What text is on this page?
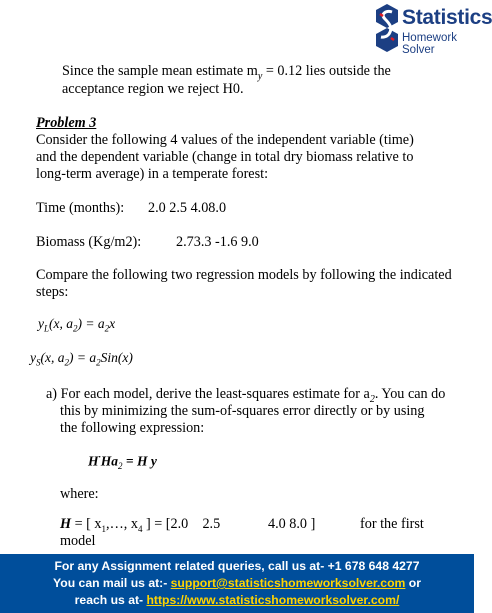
Statistics
Homework Solver
Since the sample mean estimate $m_y = 0.12$ lies outside the
acceptance region we reject H0.
Problem 3
Consider the following 4 values of the independent variable (time)
and the dependent variable (change in total dry biomass relative to
long-term average) in a temperate forest:
Time (months): 2.0 2.5 4.08.0
Biomass (Kg/m2): 2.73.3 -1.6 9.0
Compare the following two regression models by following the indicated
steps:
$y_L(x$, $a_2) = a_2x$
$y_S(x$, $a_2) = a_2Sin(x)$
a) For each model, derive the least-squares estimate for $a_2$. You can do
this by minimizing the sum-of-squares error directly or by using
the following expression:
$H^\cdot Ha_2 = H$ y
where:
H = [ $x_1,\dots$, $x_4$ ] = [2.0    2.5	4.0 8.0 ]	for the first
model
For any Assignment related queries, call us at- +1 678 648 4277
You can mail us at:- support@statisticshomeworksolver.com or
reach us at- https://www.statisticshomeworksolver.com/
